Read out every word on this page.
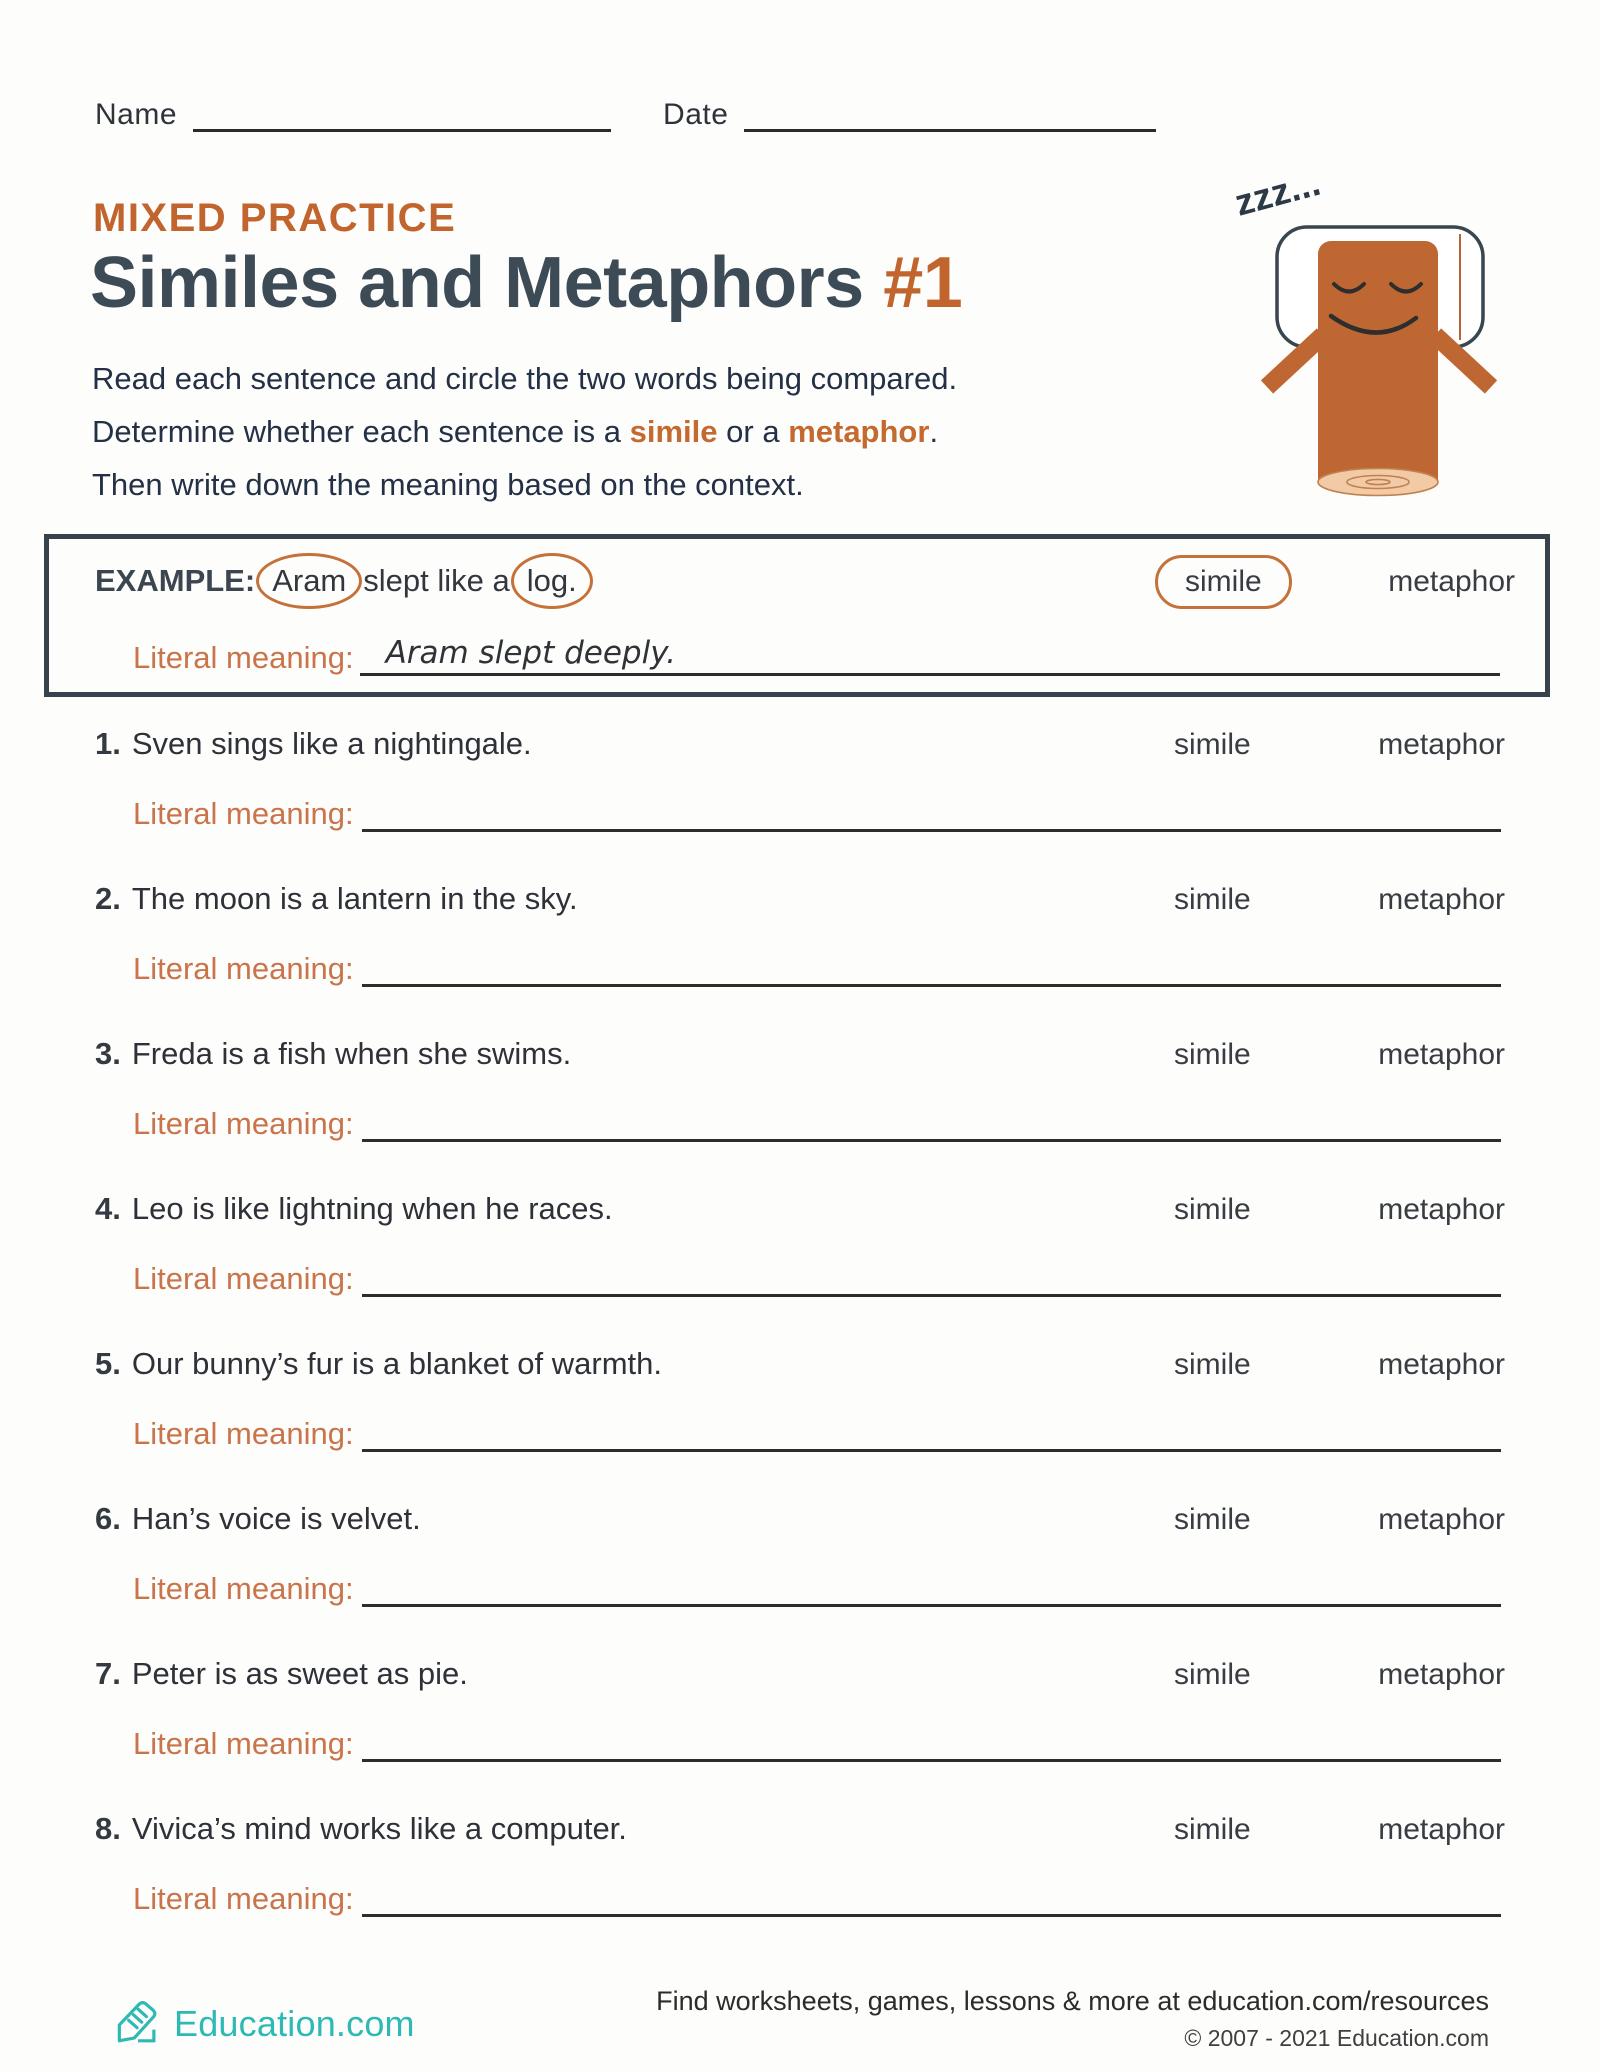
Name	Date
MIXED PRACTICE
Similes and Metaphors #1
Read each sentence and circle the two words being compared.
Determine whether each sentence is a simile or a metaphor.
Then write down the meaning based on the context.
zzz...
EXAMPLE: Aram slept like a log.	simile	metaphor
Literal meaning:	Aram slept deeply.
1. Sven sings like a nightingale.	simile	metaphor
Literal meaning:
2. The moon is a lantern in the sky.	simile	metaphor
Literal meaning:
3. Freda is a fish when she swims.	simile	metaphor
Literal meaning:
4. Leo is like lightning when he races.	simile	metaphor
Literal meaning:
5. Our bunny’s fur is a blanket of warmth.	simile	metaphor
Literal meaning:
6. Han’s voice is velvet.	simile	metaphor
Literal meaning:
7. Peter is as sweet as pie.	simile	metaphor
Literal meaning:
8. Vivica’s mind works like a computer.	simile	metaphor
Literal meaning:
Education.com
Find worksheets, games, lessons & more at education.com/resources
© 2007 - 2021 Education.com
